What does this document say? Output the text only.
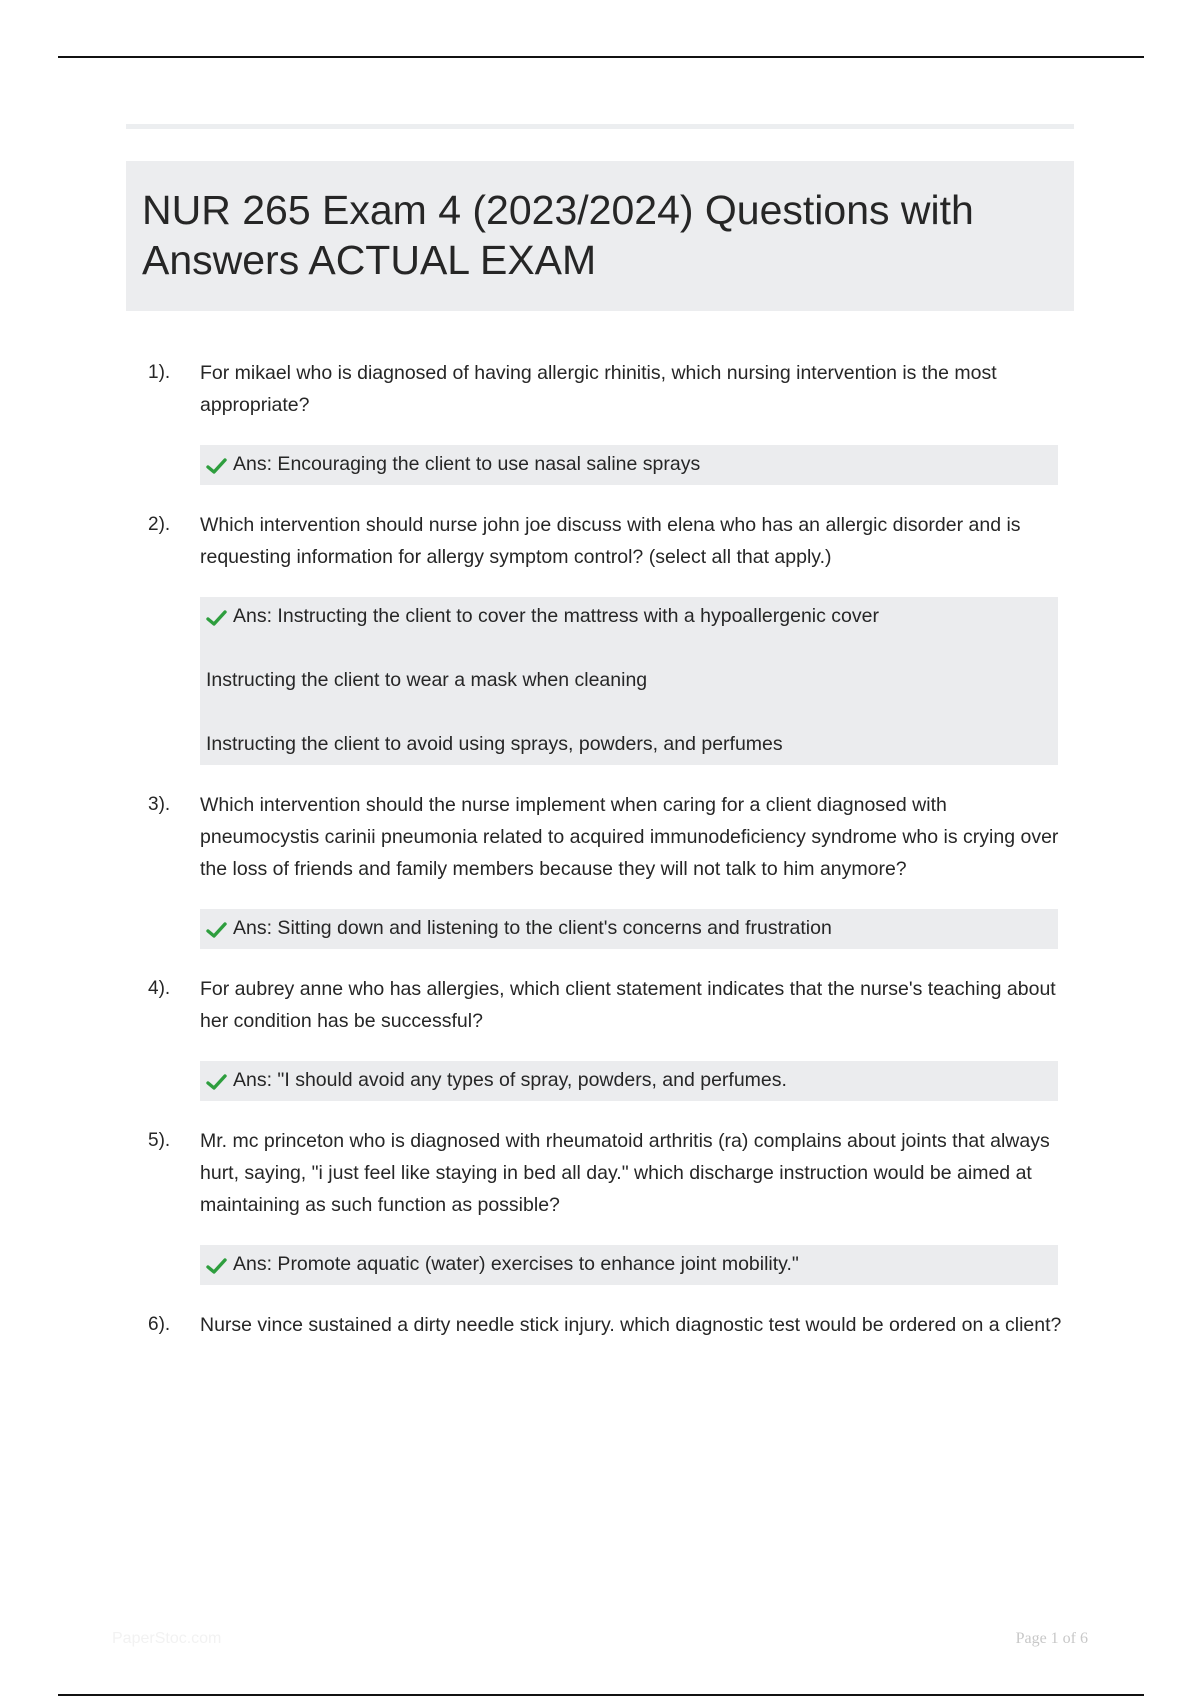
NUR 265 Exam 4 (2023/2024) Questions with Answers ACTUAL EXAM
1).	For mikael who is diagnosed of having allergic rhinitis, which nursing intervention is the most appropriate?

Ans: Encouraging the client to use nasal saline sprays
2).	Which intervention should nurse john joe discuss with elena who has an allergic disorder and is requesting information for allergy symptom control? (select all that apply.)

Ans: Instructing the client to cover the mattress with a hypoallergenic cover
Instructing the client to wear a mask when cleaning
Instructing the client to avoid using sprays, powders, and perfumes
3).	Which intervention should the nurse implement when caring for a client diagnosed with pneumocystis carinii pneumonia related to acquired immunodeficiency syndrome who is crying over the loss of friends and family members because they will not talk to him anymore?

Ans: Sitting down and listening to the client's concerns and frustration
4).	For aubrey anne who has allergies, which client statement indicates that the nurse's teaching about her condition has be successful?

Ans: "I should avoid any types of spray, powders, and perfumes.
5).	Mr. mc princeton who is diagnosed with rheumatoid arthritis (ra) complains about joints that always hurt, saying, "i just feel like staying in bed all day." which discharge instruction would be aimed at maintaining as such function as possible?

Ans: Promote aquatic (water) exercises to enhance joint mobility."
6).	Nurse vince sustained a dirty needle stick injury. which diagnostic test would be ordered on a client?

PaperStoc.com	Page 1 of 6
